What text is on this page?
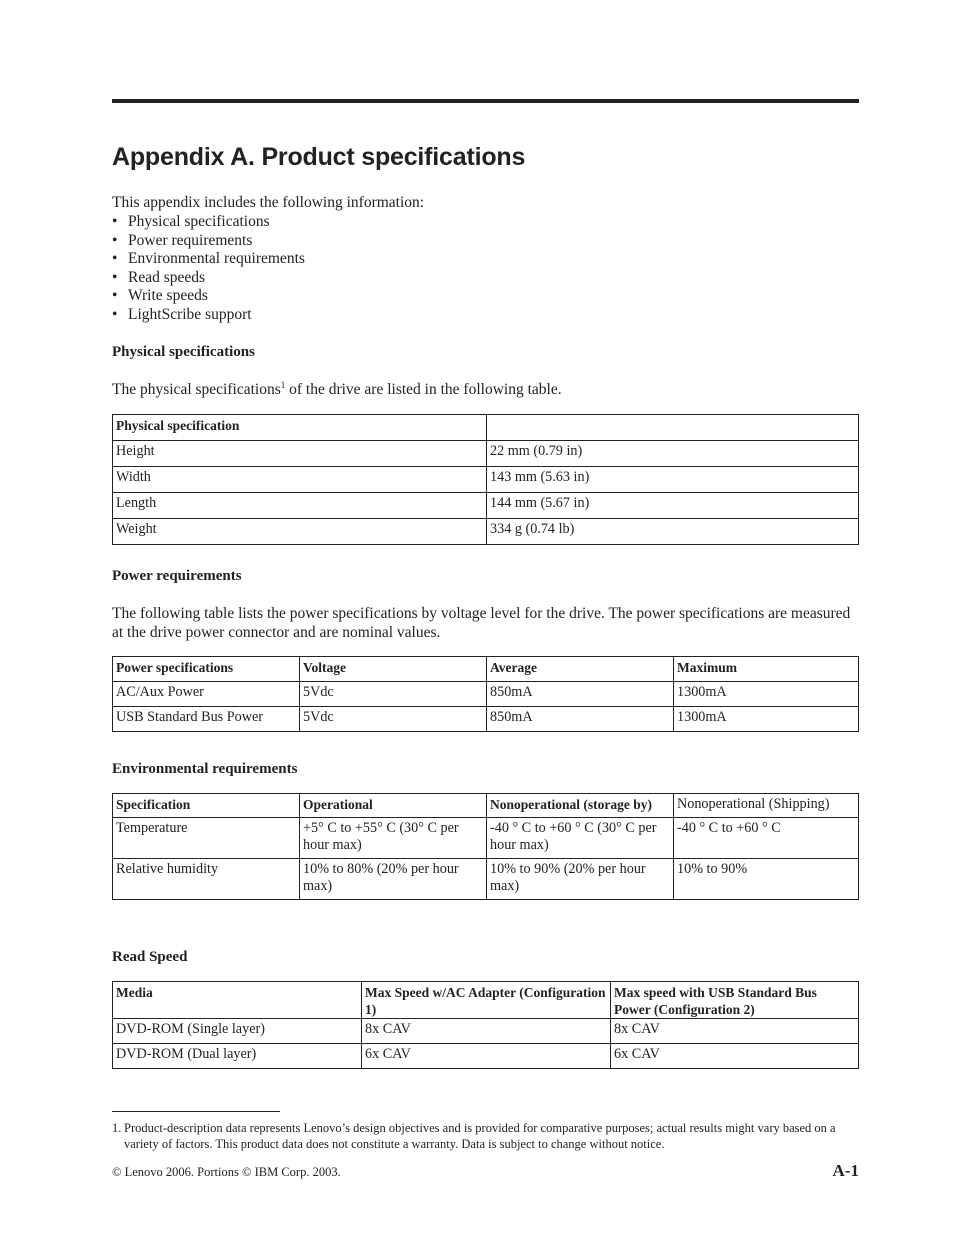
Appendix A. Product specifications

This appendix includes the following information:

• Physical specifications
• Power requirements
• Environmental requirements
• Read speeds
• Write speeds
• LightScribe support

Physical specifications

The physical specifications$^1$ of the drive are listed in the following table.

Physical specification	
Height	22 mm (0.79 in)
Width	143 mm (5.63 in)
Length	144 mm (5.67 in)
Weight	334 g (0.74 lb)

Power requirements

The following table lists the power specifications by voltage level for the drive. The power specifications are measured at the drive power connector and are nominal values.

Power specifications	Voltage	Average	Maximum
AC/Aux Power	5Vdc	850mA	1300mA
USB Standard Bus Power	5Vdc	850mA	1300mA

Environmental requirements

Specification	Operational	Nonoperational (storage by)	Nonoperational (Shipping)
Temperature	+5° C to +55° C (30° C per hour max)	-40 ° C to +60 ° C (30° C per hour max)	-40 ° C to +60 ° C
Relative humidity	10% to 80% (20% per hour max)	10% to 90% (20% per hour max)	10% to 90%

Read Speed

Media	Max Speed w/AC Adapter (Configuration 1)	Max speed with USB Standard Bus Power (Configuration 2)
DVD-ROM (Single layer)	8x CAV	8x CAV
DVD-ROM (Dual layer)	6x CAV	6x CAV

1. Product-description data represents Lenovo’s design objectives and is provided for comparative purposes; actual results might vary based on a variety of factors. This product data does not constitute a warranty. Data is subject to change without notice.

© Lenovo 2006. Portions © IBM Corp. 2003.	A-1
